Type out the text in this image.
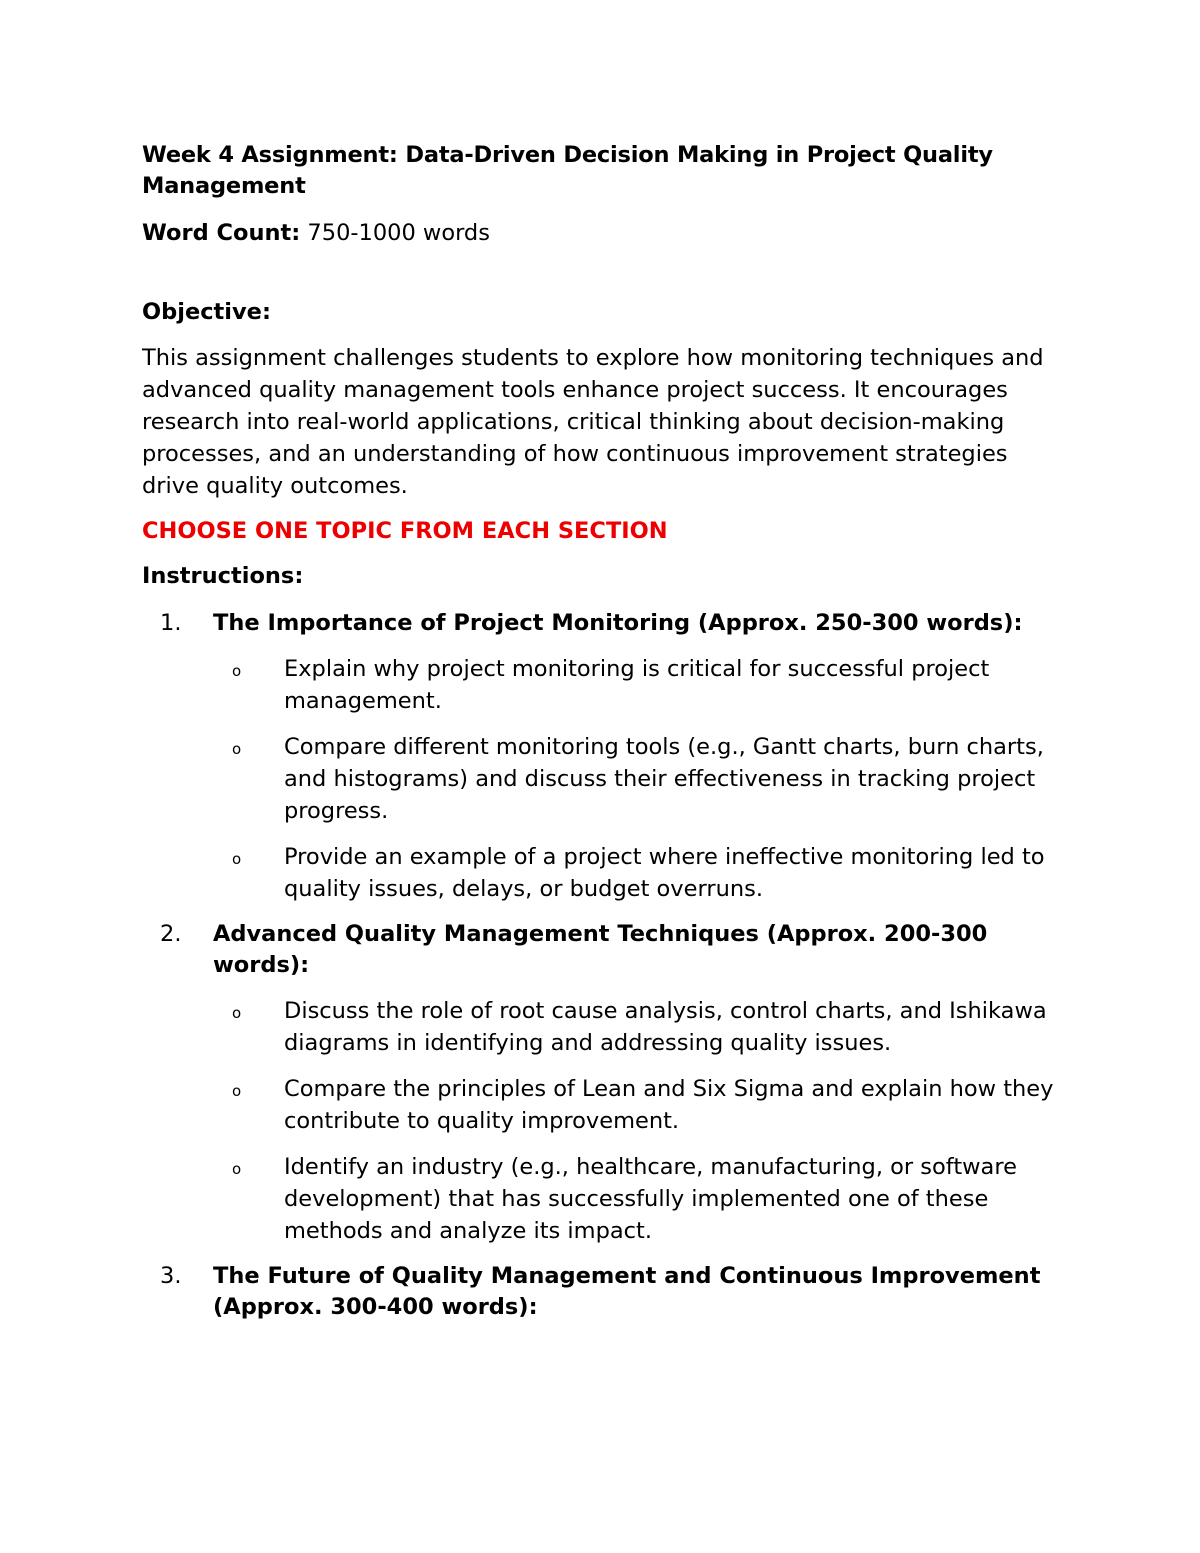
Week 4 Assignment: Data-Driven Decision Making in Project Quality Management

Word Count: 750-1000 words

Objective:

This assignment challenges students to explore how monitoring techniques and advanced quality management tools enhance project success. It encourages research into real-world applications, critical thinking about decision-making processes, and an understanding of how continuous improvement strategies drive quality outcomes.

CHOOSE ONE TOPIC FROM EACH SECTION

Instructions:

1. The Importance of Project Monitoring (Approx. 250-300 words):
o Explain why project monitoring is critical for successful project management.
o Compare different monitoring tools (e.g., Gantt charts, burn charts, and histograms) and discuss their effectiveness in tracking project progress.
o Provide an example of a project where ineffective monitoring led to quality issues, delays, or budget overruns.
2. Advanced Quality Management Techniques (Approx. 200-300 words):
o Discuss the role of root cause analysis, control charts, and Ishikawa diagrams in identifying and addressing quality issues.
o Compare the principles of Lean and Six Sigma and explain how they contribute to quality improvement.
o Identify an industry (e.g., healthcare, manufacturing, or software development) that has successfully implemented one of these methods and analyze its impact.
3. The Future of Quality Management and Continuous Improvement (Approx. 300-400 words):
